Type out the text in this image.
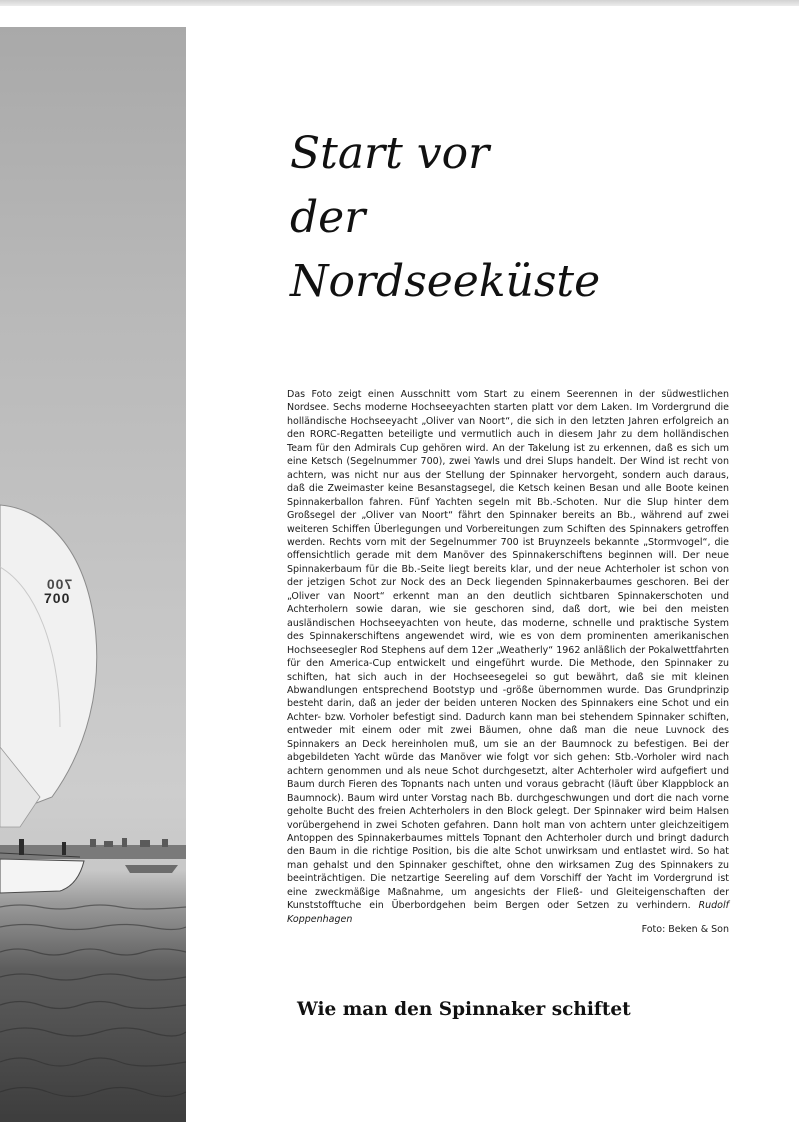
700
700
Start vor
der
Nordseeküste

Das Foto zeigt einen Ausschnitt vom Start zu einem Seerennen in der südwestlichen Nordsee. Sechs moderne Hochseeyachten starten platt vor dem Laken. Im Vordergrund die holländische Hochseeyacht „Oliver van Noort“, die sich in den letzten Jahren erfolgreich an den RORC-Regatten beteiligte und vermutlich auch in diesem Jahr zu dem holländischen Team für den Admirals Cup gehören wird. An der Takelung ist zu erkennen, daß es sich um eine Ketsch (Segelnummer 700), zwei Yawls und drei Slups handelt. Der Wind ist recht von achtern, was nicht nur aus der Stellung der Spinnaker hervorgeht, sondern auch daraus, daß die Zweimaster keine Besanstagsegel, die Ketsch keinen Besan und alle Boote keinen Spinnakerballon fahren. Fünf Yachten segeln mit Bb.-Schoten. Nur die Slup hinter dem Großsegel der „Oliver van Noort“ fährt den Spinnaker bereits an Bb., während auf zwei weiteren Schiffen Überlegungen und Vorbereitungen zum Schiften des Spinnakers getroffen werden. Rechts vorn mit der Segelnummer 700 ist Bruynzeels bekannte „Stormvogel“, die offensichtlich gerade mit dem Manöver des Spinnakerschiftens beginnen will. Der neue Spinnakerbaum für die Bb.-Seite liegt bereits klar, und der neue Achterholer ist schon von der jetzigen Schot zur Nock des an Deck liegenden Spinnakerbaumes geschoren. Bei der „Oliver van Noort“ erkennt man an den deutlich sichtbaren Spinnakerschoten und Achterholern sowie daran, wie sie geschoren sind, daß dort, wie bei den meisten ausländischen Hochseeyachten von heute, das moderne, schnelle und praktische System des Spinnakerschiftens angewendet wird, wie es von dem prominenten amerikanischen Hochseesegler Rod Stephens auf dem 12er „Weatherly“ 1962 anläßlich der Pokalwettfahrten für den America-Cup entwickelt und eingeführt wurde. Die Methode, den Spinnaker zu schiften, hat sich auch in der Hochseesegelei so gut bewährt, daß sie mit kleinen Abwandlungen entsprechend Bootstyp und -größe übernommen wurde. Das Grundprinzip besteht darin, daß an jeder der beiden unteren Nocken des Spinnakers eine Schot und ein Achter- bzw. Vorholer befestigt sind. Dadurch kann man bei stehendem Spinnaker schiften, entweder mit einem oder mit zwei Bäumen, ohne daß man die neue Luvnock des Spinnakers an Deck hereinholen muß, um sie an der Baumnock zu befestigen. Bei der abgebildeten Yacht würde das Manöver wie folgt vor sich gehen: Stb.-Vorholer wird nach achtern genommen und als neue Schot durchgesetzt, alter Achterholer wird aufgefiert und Baum durch Fieren des Topnants nach unten und voraus gebracht (läuft über Klappblock an Baumnock). Baum wird unter Vorstag nach Bb. durchgeschwungen und dort die nach vorne geholte Bucht des freien Achterholers in den Block gelegt. Der Spinnaker wird beim Halsen vorübergehend in zwei Schoten gefahren. Dann holt man von achtern unter gleichzeitigem Antoppen des Spinnakerbaumes mittels Topnant den Achterholer durch und bringt dadurch den Baum in die richtige Position, bis die alte Schot unwirksam und entlastet wird. So hat man gehalst und den Spinnaker geschiftet, ohne den wirksamen Zug des Spinnakers zu beeinträchtigen. Die netzartige Seereling auf dem Vorschiff der Yacht im Vordergrund ist eine zweckmäßige Maßnahme, um angesichts der Fließ- und Gleiteigenschaften der Kunststofftuche ein Überbordgehen beim Bergen oder Setzen zu verhindern. Rudolf Koppenhagen

Foto: Beken & Son
Wie man den Spinnaker schiftet
